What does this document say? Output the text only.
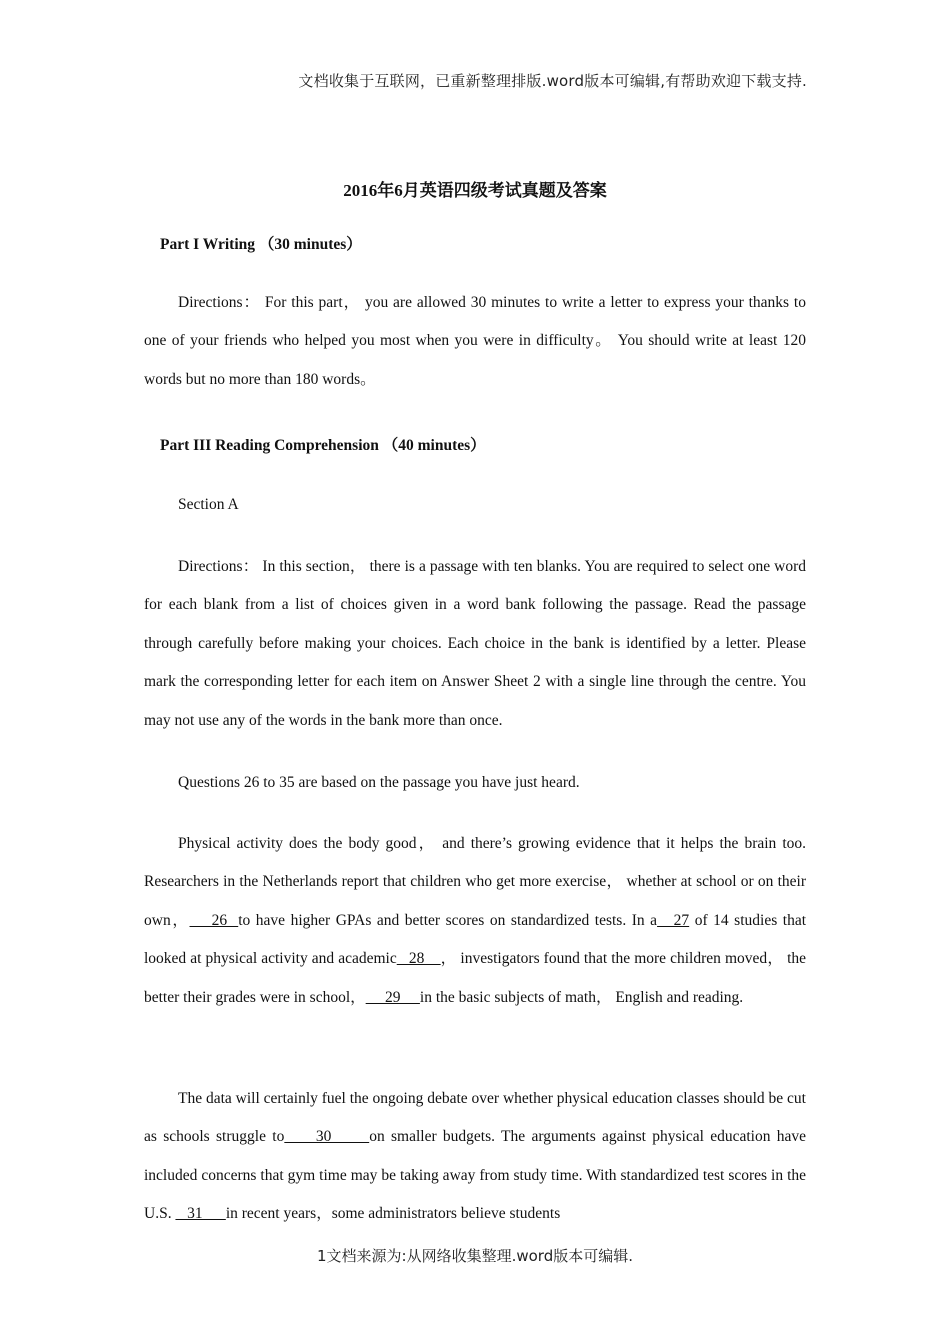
文档收集于互联网，已重新整理排版.word版本可编辑,有帮助欢迎下载支持.
2016年6月英语四级考试真题及答案
Part I Writing （30 minutes）
Directions： For this part， you are allowed 30 minutes to write a letter to express your thanks to one of your friends who helped you most when you were in difficulty。 You should write at least 120 words but no more than 180 words。
Part III Reading Comprehension （40 minutes）
Section A
Directions： In this section， there is a passage with ten blanks. You are required to select one word for each blank from a list of choices given in a word bank following the passage. Read the passage through carefully before making your choices. Each choice in the bank is identified by a letter. Please mark the corresponding letter for each item on Answer Sheet 2 with a single line through the centre. You may not use any of the words in the bank more than once.
Questions 26 to 35 are based on the passage you have just heard.
Physical activity does the body good， and there’s growing evidence that it helps the brain too. Researchers in the Netherlands report that children who get more exercise， whether at school or on their own，    26  to have higher GPAs and better scores on standardized tests. In a   27 of 14 studies that looked at physical activity and academic   28    ， investigators found that the more children moved， the better their grades were in school，     29     in the basic subjects of math， English and reading.
The data will certainly fuel the ongoing debate over whether physical education classes should be cut as schools struggle to     30      on smaller budgets. The arguments against physical education have included concerns that gym time may be taking away from study time. With standardized test scores in the U.S.    31      in recent years，some administrators believe students
1文档来源为:从网络收集整理.word版本可编辑.
